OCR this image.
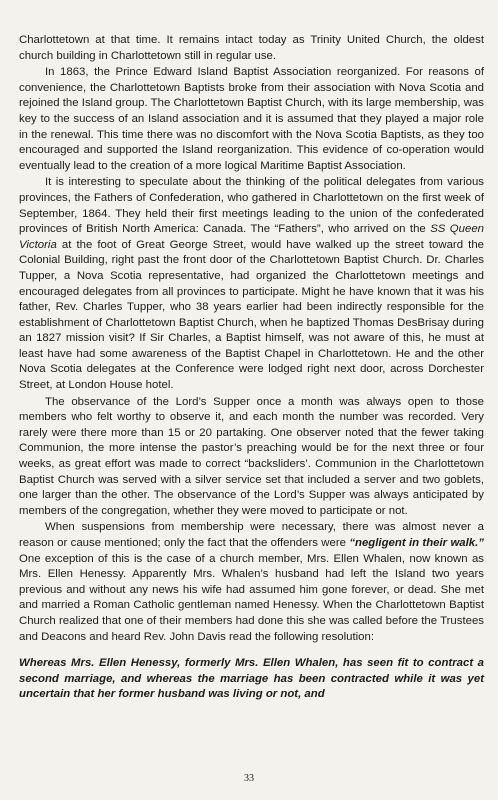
Charlottetown at that time. It remains intact today as Trinity United Church, the oldest church building in Charlottetown still in regular use.

In 1863, the Prince Edward Island Baptist Association reorganized. For reasons of convenience, the Charlottetown Baptists broke from their association with Nova Scotia and rejoined the Island group. The Charlottetown Baptist Church, with its large membership, was key to the success of an Island association and it is assumed that they played a major role in the renewal. This time there was no discomfort with the Nova Scotia Baptists, as they too encouraged and supported the Island reorganization. This evidence of co-operation would eventually lead to the creation of a more logical Maritime Baptist Association.

It is interesting to speculate about the thinking of the political delegates from various provinces, the Fathers of Confederation, who gathered in Charlottetown on the first week of September, 1864. They held their first meetings leading to the union of the confederated provinces of British North America: Canada. The “Fathers”, who arrived on the SS Queen Victoria at the foot of Great George Street, would have walked up the street toward the Colonial Building, right past the front door of the Charlottetown Baptist Church. Dr. Charles Tupper, a Nova Scotia representative, had organized the Charlottetown meetings and encouraged delegates from all provinces to participate. Might he have known that it was his father, Rev. Charles Tupper, who 38 years earlier had been indirectly responsible for the establishment of Charlottetown Baptist Church, when he baptized Thomas DesBrisay during an 1827 mission visit? If Sir Charles, a Baptist himself, was not aware of this, he must at least have had some awareness of the Baptist Chapel in Charlottetown. He and the other Nova Scotia delegates at the Conference were lodged right next door, across Dorchester Street, at London House hotel.

The observance of the Lord’s Supper once a month was always open to those members who felt worthy to observe it, and each month the number was recorded. Very rarely were there more than 15 or 20 partaking. One observer noted that the fewer taking Communion, the more intense the pastor’s preaching would be for the next three or four weeks, as great effort was made to correct “backsliders’. Communion in the Charlottetown Baptist Church was served with a silver service set that included a server and two goblets, one larger than the other. The observance of the Lord’s Supper was always anticipated by members of the congregation, whether they were moved to participate or not.

When suspensions from membership were necessary, there was almost never a reason or cause mentioned; only the fact that the offenders were “negligent in their walk.” One exception of this is the case of a church member, Mrs. Ellen Whalen, now known as Mrs. Ellen Henessy. Apparently Mrs. Whalen’s husband had left the Island two years previous and without any news his wife had assumed him gone forever, or dead. She met and married a Roman Catholic gentleman named Henessy. When the Charlottetown Baptist Church realized that one of their members had done this she was called before the Trustees and Deacons and heard Rev. John Davis read the following resolution:

Whereas Mrs. Ellen Henessy, formerly Mrs. Ellen Whalen, has seen fit to contract a second marriage, and whereas the marriage has been contracted while it was yet uncertain that her former husband was living or not, and

33
